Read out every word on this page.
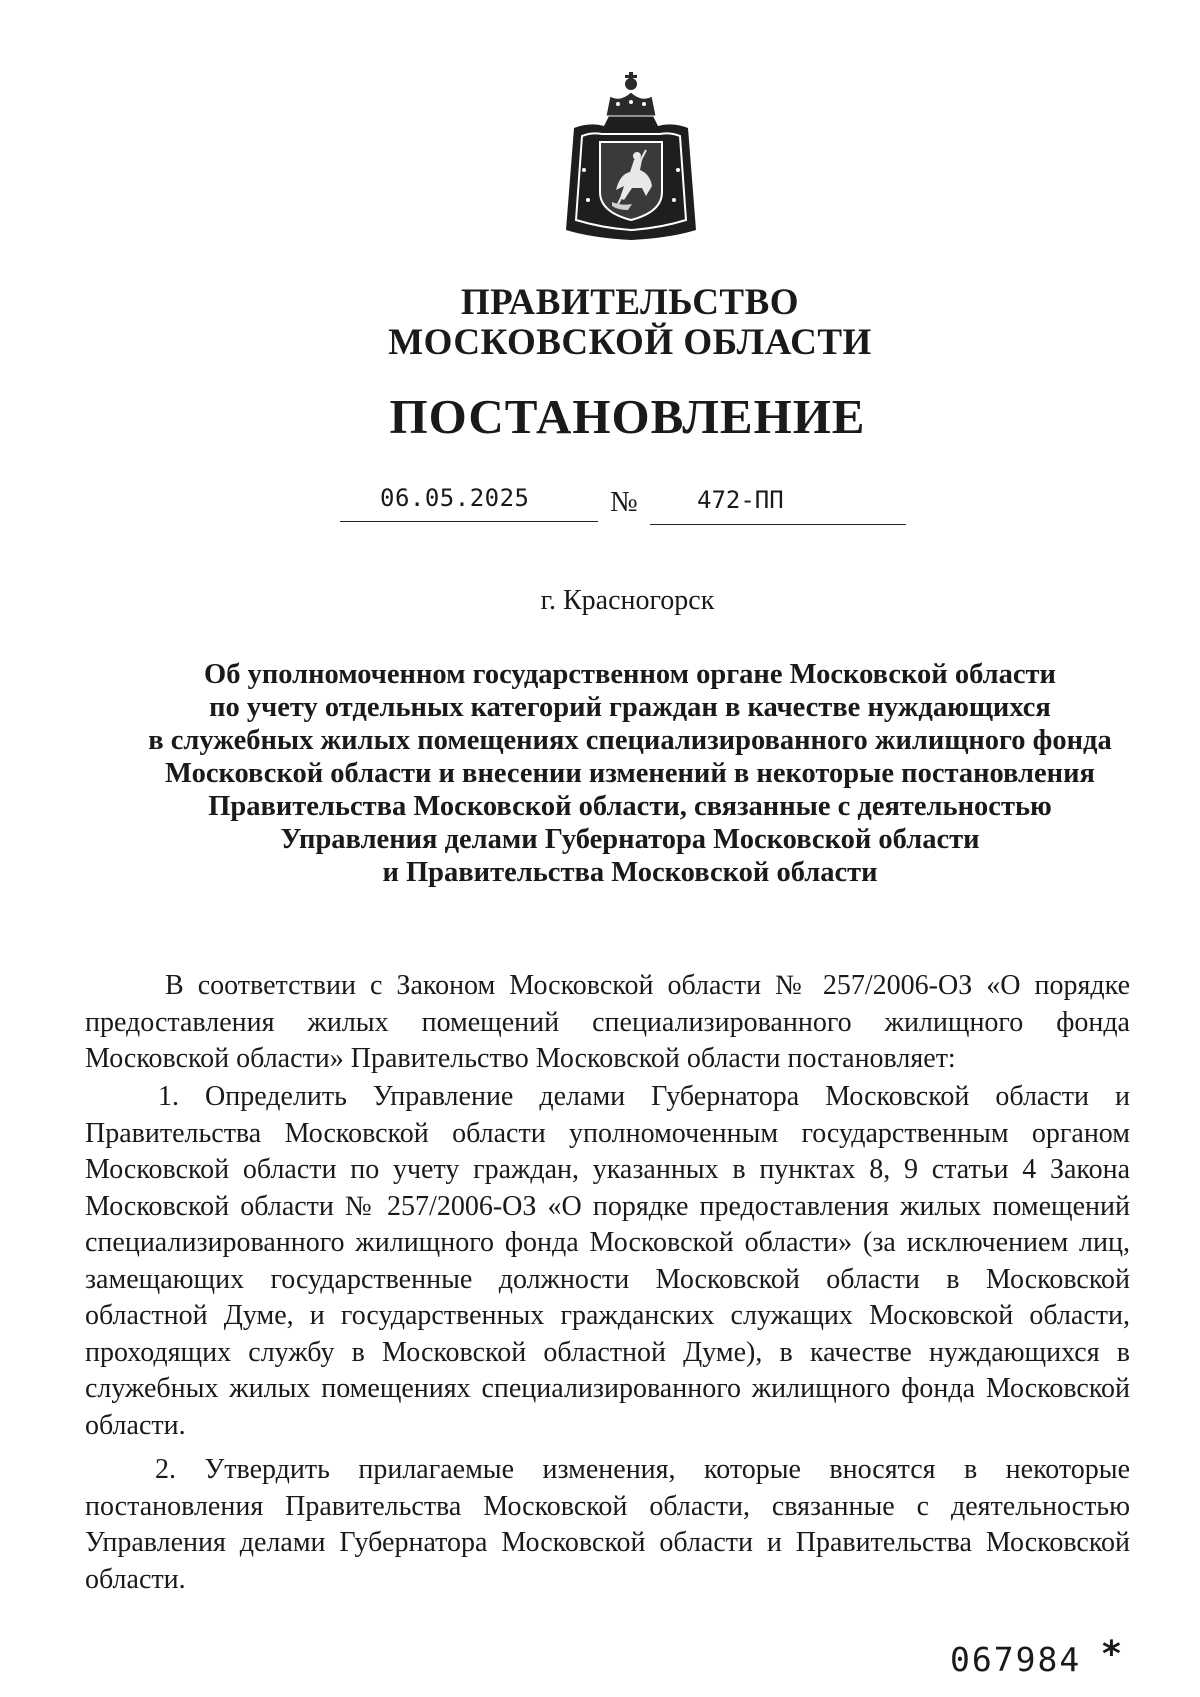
ПРАВИТЕЛЬСТВО
МОСКОВСКОЙ ОБЛАСТИ
ПОСТАНОВЛЕНИЕ
06.05.2025	№ 472-ПП
г. Красногорск
Об уполномоченном государственном органе Московской области
по учету отдельных категорий граждан в качестве нуждающихся
в служебных жилых помещениях специализированного жилищного фонда
Московской области и внесении изменений в некоторые постановления
Правительства Московской области, связанные с деятельностью
Управления делами Губернатора Московской области
и Правительства Московской области
В соответствии с Законом Московской области № 257/2006-ОЗ «О порядке предоставления жилых помещений специализированного жилищного фонда Московской области» Правительство Московской области постановляет:
1. Определить Управление делами Губернатора Московской области и Правительства Московской области уполномоченным государственным органом Московской области по учету граждан, указанных в пунктах 8, 9 статьи 4 Закона Московской области № 257/2006-ОЗ «О порядке предоставления жилых помещений специализированного жилищного фонда Московской области» (за исключением лиц, замещающих государственные должности Московской области в Московской областной Думе, и государственных гражданских служащих Московской области, проходящих службу в Московской областной Думе), в качестве нуждающихся в служебных жилых помещениях специализированного жилищного фонда Московской области.
2. Утвердить прилагаемые изменения, которые вносятся в некоторые постановления Правительства Московской области, связанные с деятельностью Управления делами Губернатора Московской области и Правительства Московской области.
067984 *
